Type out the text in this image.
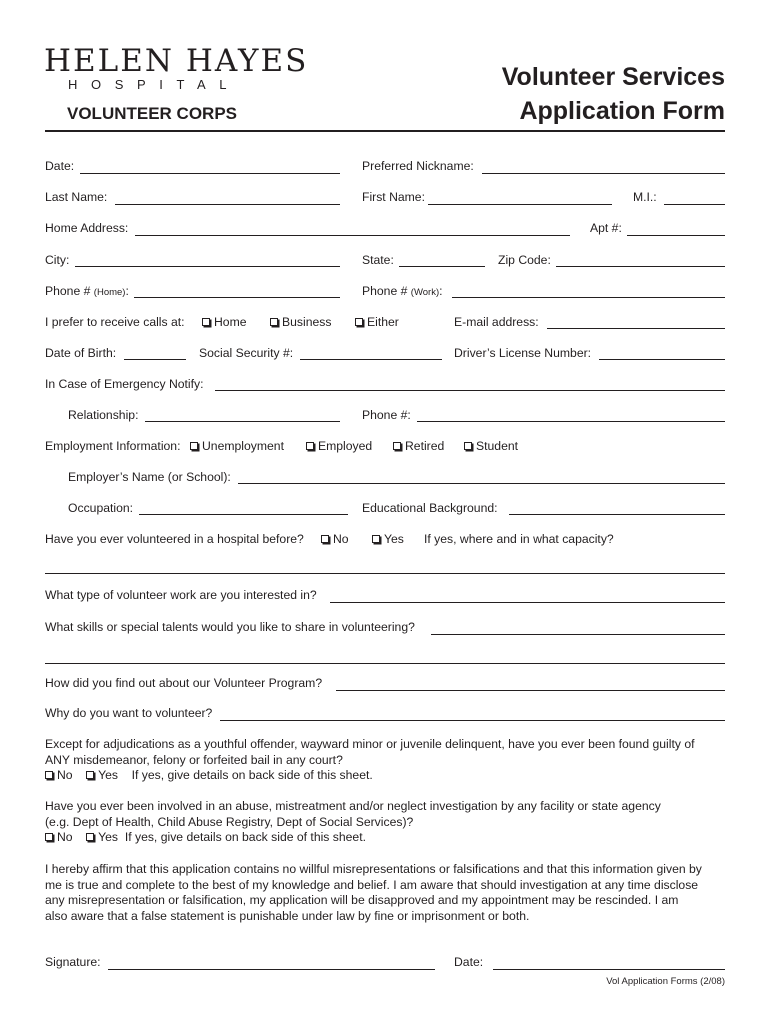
HELEN HAYES
HOSPITAL
VOLUNTEER CORPS
Volunteer Services
Application Form
Date:	Preferred Nickname:
Last Name:	First Name:	M.I.:
Home Address:	Apt #:
City:	State:	Zip Code:
Phone # (Home):	Phone # (Work):
I prefer to receive calls at:	Home	Business	Either	E-mail address:
Date of Birth:	Social Security #:	Driver’s License Number:
In Case of Emergency Notify:
Relationship:	Phone #:
Employment Information:	Unemployment	Employed	Retired	Student
Employer’s Name (or School):
Occupation:	Educational Background:
Have you ever volunteered in a hospital before?	No	Yes If yes, where and in what capacity?
What type of volunteer work are you interested in?
What skills or special talents would you like to share in volunteering?
How did you find out about our Volunteer Program?
Why do you want to volunteer?
Except for adjudications as a youthful offender, wayward minor or juvenile delinquent, have you ever been found guilty of
ANY misdemeanor, felony or forfeited bail in any court?
No Yes If yes, give details on back side of this sheet.
Have you ever been involved in an abuse, mistreatment and/or neglect investigation by any facility or state agency
(e.g. Dept of Health, Child Abuse Registry, Dept of Social Services)?
No Yes If yes, give details on back side of this sheet.
I hereby affirm that this application contains no willful misrepresentations or falsifications and that this information given by
me is true and complete to the best of my knowledge and belief. I am aware that should investigation at any time disclose
any misrepresentation or falsification, my application will be disapproved and my appointment may be rescinded. I am
also aware that a false statement is punishable under law by fine or imprisonment or both.
Signature:	Date:
Vol Application Forms (2/08)
